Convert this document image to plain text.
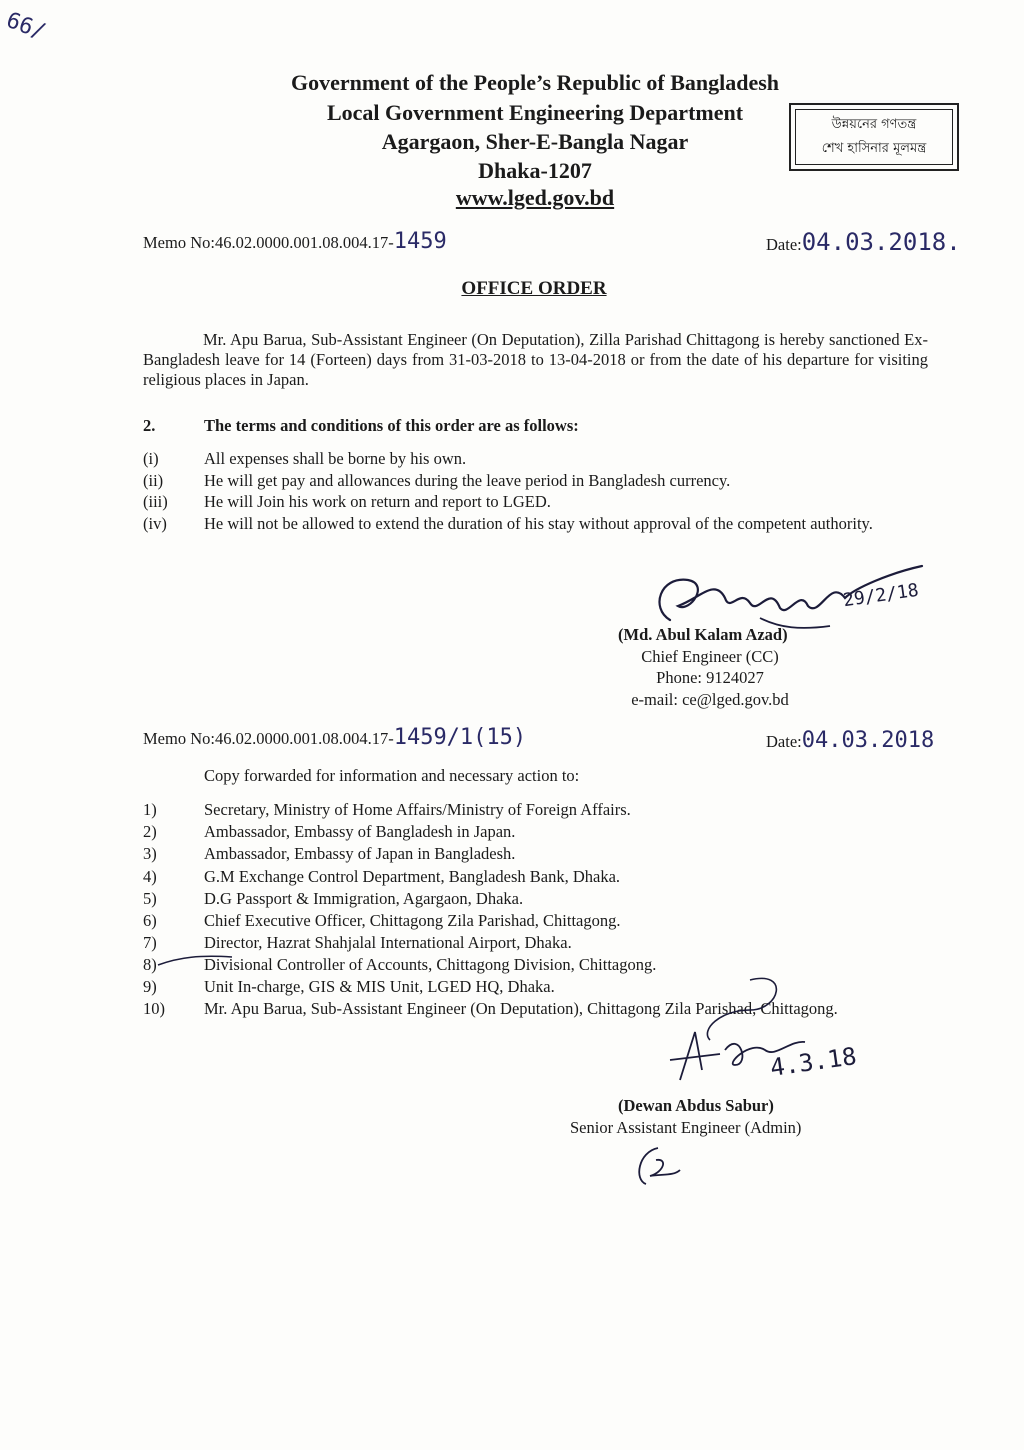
66/
Government of the People’s Republic of Bangladesh
Local Government Engineering Department
Agargaon, Sher-E-Bangla Nagar
Dhaka-1207
www.lged.gov.bd
উন্নয়নের গণতন্ত্র
শেখ হাসিনার মূলমন্ত্র
Memo No:46.02.0000.001.08.004.17-1459	Date:04.03.2018.
OFFICE ORDER
Mr. Apu Barua, Sub-Assistant Engineer (On Deputation), Zilla Parishad Chittagong is hereby sanctioned Ex-Bangladesh leave for 14 (Forteen) days from 31-03-2018 to 13-04-2018 or from the date of his departure for visiting religious places in Japan.
2.	The terms and conditions of this order are as follows:
(i)	All expenses shall be borne by his own.
(ii)	He will get pay and allowances during the leave period in Bangladesh currency.
(iii)	He will Join his work on return and report to LGED.
(iv)	He will not be allowed to extend the duration of his stay without approval of the competent authority.
29/2/18
(Md. Abul Kalam Azad)
Chief Engineer (CC)
Phone: 9124027
e-mail: ce@lged.gov.bd
Memo No:46.02.0000.001.08.004.17-1459/1(15)	Date:04.03.2018
Copy forwarded for information and necessary action to:
1)	Secretary, Ministry of Home Affairs/Ministry of Foreign Affairs.
2)	Ambassador, Embassy of Bangladesh in Japan.
3)	Ambassador, Embassy of Japan in Bangladesh.
4)	G.M Exchange Control Department, Bangladesh Bank, Dhaka.
5)	D.G Passport & Immigration, Agargaon, Dhaka.
6)	Chief Executive Officer, Chittagong Zila Parishad, Chittagong.
7)	Director, Hazrat Shahjalal International Airport, Dhaka.
8)	Divisional Controller of Accounts, Chittagong Division, Chittagong.
9)	Unit In-charge, GIS & MIS Unit, LGED HQ, Dhaka.
10)	Mr. Apu Barua, Sub-Assistant Engineer (On Deputation), Chittagong Zila Parishad, Chittagong.
4.3.18
(Dewan Abdus Sabur)
Senior Assistant Engineer (Admin)
